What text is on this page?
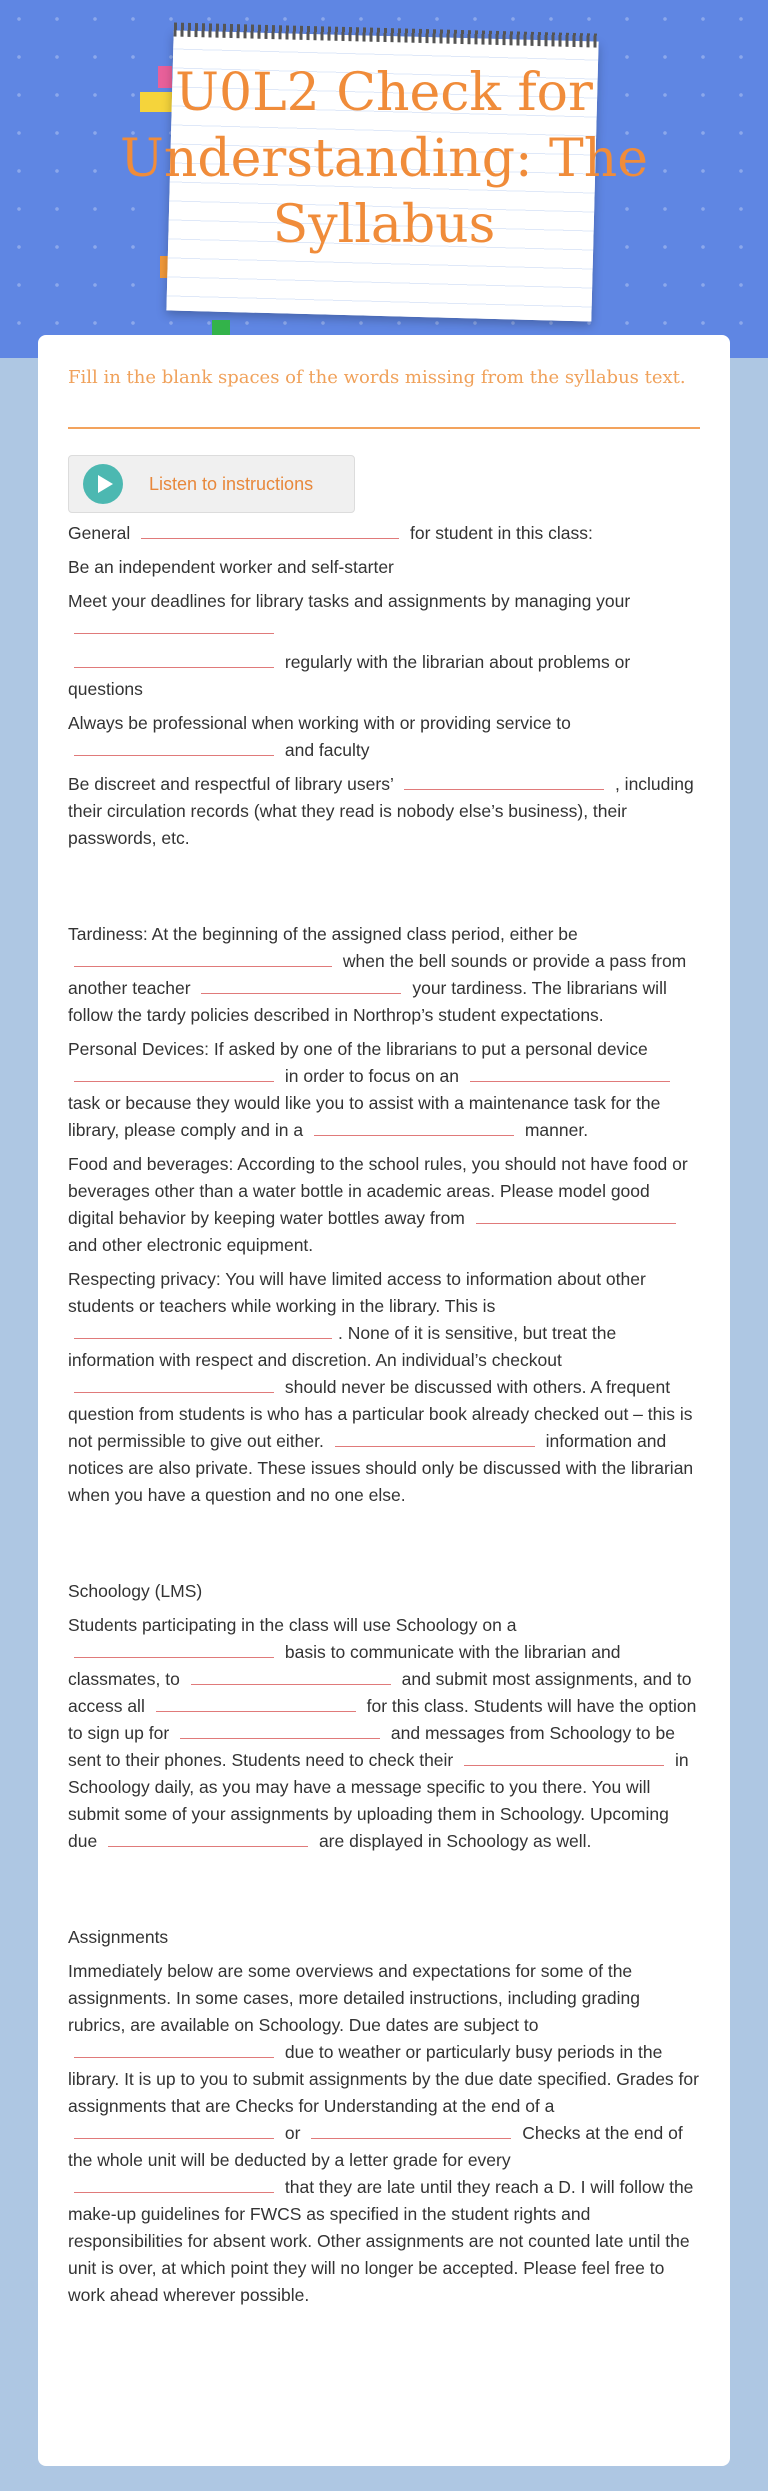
U0L2 Check for Understanding: The Syllabus
Fill in the blank spaces of the words missing from the syllabus text.
Listen to instructions

General	for student in this class:

Be an independent worker and self-starter

Meet your deadlines for library tasks and assignments by managing your

regularly with the librarian about problems or questions

Always be professional when working with or providing service to
and faculty

Be discreet and respectful of library users’	, including their circulation records (what they read is nobody else’s business), their passwords, etc.

Tardiness: At the beginning of the assigned class period, either be  when the bell sounds or provide a pass from another teacher	your tardiness. The librarians will follow the tardy policies described in Northrop’s student expectations.

Personal Devices: If asked by one of the librarians to put a personal device  in order to focus on an  task or because they would like you to assist with a maintenance task for the library, please comply and in a	manner.

Food and beverages: According to the school rules, you should not have food or beverages other than a water bottle in academic areas. Please model good digital behavior by keeping water bottles away from  and other electronic equipment.

Respecting privacy: You will have limited access to information about other students or teachers while working in the library. This is . None of it is sensitive, but treat the information with respect and discretion. An individual’s checkout  should never be discussed with others. A frequent question from students is who has a particular book already checked out – this is not permissible to give out either.	information and notices are also private. These issues should only be discussed with the librarian when you have a question and no one else.

Schoology (LMS)

Students participating in the class will use Schoology on a  basis to communicate with the librarian and classmates, to	and submit most assignments, and to access all	for this class. Students will have the option to sign up for	and messages from Schoology to be sent to their phones. Students need to check their	in Schoology daily, as you may have a message specific to you there. You will submit some of your assignments by uploading them in Schoology. Upcoming due	are displayed in Schoology as well.

Assignments

Immediately below are some overviews and expectations for some of the assignments. In some cases, more detailed instructions, including grading rubrics, are available on Schoology. Due dates are subject to  due to weather or particularly busy periods in the library. It is up to you to submit assignments by the due date specified. Grades for assignments that are Checks for Understanding at the end of a  or	Checks at the end of the whole unit will be deducted by a letter grade for every  that they are late until they reach a D. I will follow the make-up guidelines for FWCS as specified in the student rights and responsibilities for absent work. Other assignments are not counted late until the unit is over, at which point they will no longer be accepted. Please feel free to work ahead wherever possible.
